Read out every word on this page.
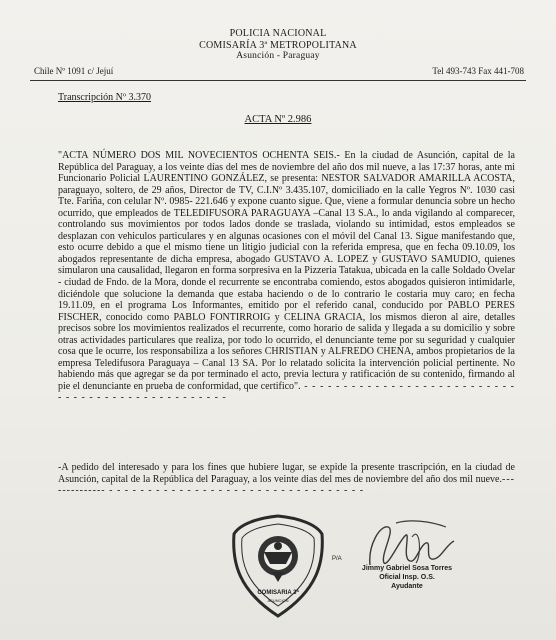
POLICIA NACIONAL
COMISARÍA 3ª METROPOLITANA
Asunción - Paraguay
Chile Nº 1091 c/ Jejuí	Tel 493-743 Fax 441-708
Transcripción Nº 3.370
ACTA Nº 2.986
"ACTA NÚMERO DOS MIL NOVECIENTOS OCHENTA SEIS.- En la ciudad de Asunción, capital de la República del Paraguay, a los veinte días del mes de noviembre del año dos mil nueve, a las 17:37 horas, ante mi Funcionario Policial LAURENTINO GONZÁLEZ, se presenta: NESTOR SALVADOR AMARILLA ACOSTA, paraguayo, soltero, de 29 años, Director de TV, C.I.Nº 3.435.107, domiciliado en la calle Yegros Nº. 1030 casi Tte. Fariña, con celular Nº. 0985- 221.646 y expone cuanto sigue. Que, viene a formular denuncia sobre un hecho ocurrido, que empleados de TELEDIFUSORA PARAGUAYA –Canal 13 S.A., lo anda vigilando al comparecer, controlando sus movimientos por todos lados donde se traslada, violando su intimidad, estos empleados se desplazan con vehiculos particulares y en algunas ocasiones con el móvil del Canal 13. Sigue manifestando que, esto ocurre debido a que el mismo tiene un litigio judicial con la referida empresa, que en fecha 09.10.09, los abogados representante de dicha empresa, abogado GUSTAVO A. LOPEZ y GUSTAVO SAMUDIO, quienes simularon una causalidad, llegaron en forma sorpresiva en la Pizzeria Tatakua, ubicada en la calle Soldado Ovelar - ciudad de Fndo. de la Mora, donde el recurrente se encontraba comiendo, estos abogados quisieron intimidarle, diciéndole que solucione la demanda que estaba haciendo o de lo contrario le costaria muy caro; en fecha 19.11.09, en el programa Los Informantes, emitido por el referido canal, conducido por PABLO PERES FISCHER, conocido como PABLO FONTIRROIG y CELINA GRACIA, los mismos dieron al aire, detalles precisos sobre los movimientos realizados el recurrente, como horario de salida y llegada a su domicilio y sobre otras actividades particulares que realiza, por todo lo ocurrido, el denunciante teme por su seguridad y cualquier cosa que le ocurre, los responsabiliza a los señores CHRISTIAN y ALFREDO CHENA, ambos propietarios de la empresa Teledifusora Paraguaya – Canal 13 SA. Por lo relatado solicita la intervención policial pertinente. No habiendo más que agregar se da por terminado el acto, previa lectura y ratificación de su contenido, firmando al pie el denunciante en prueba de conformidad, que certifico". - - - - - - - - - - - - - - - - - - - - - - - - - - - - - - - - - - - - - - - - - - - - - - - - -
-A pedido del interesado y para los fines que hubiere lugar, se expide la presente trascripción, en la ciudad de Asunción, capital de la República del Paraguay, a los veinte dias del mes de noviembre del año dos mil nueve.-------------- - - - - - - - - - - - - - - - - - - - - - - - - - - - - - - - - -
COMISARIA 3ª
ASUNCION
P/A
Jimmy Gabriel Sosa Torres
Oficial Insp. O.S.
Ayudante
